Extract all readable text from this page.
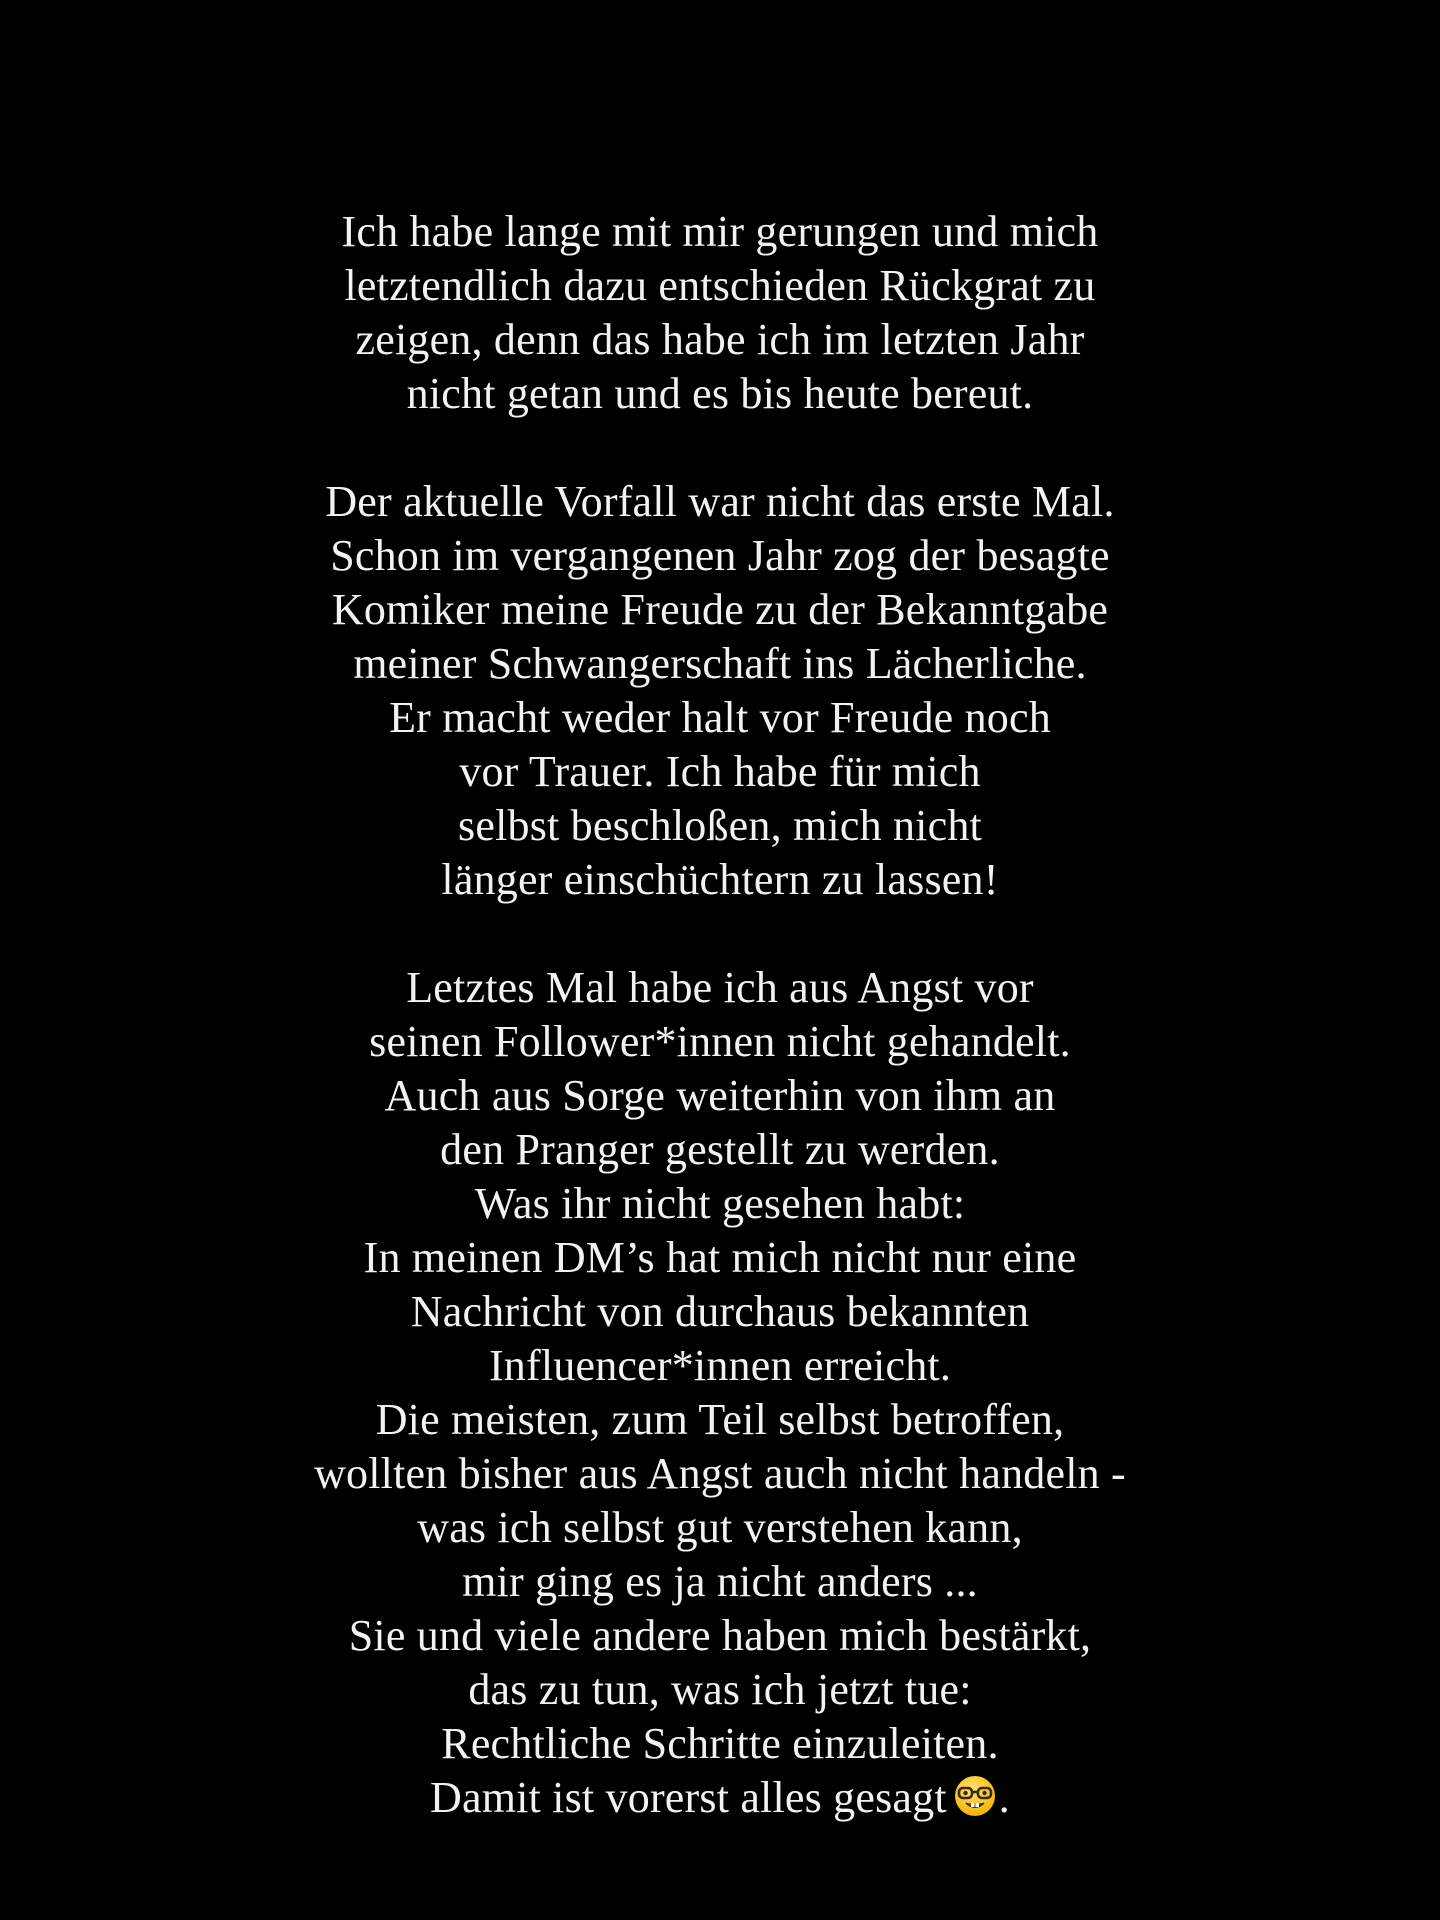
Ich habe lange mit mir gerungen und mich
letztendlich dazu entschieden Rückgrat zu
zeigen, denn das habe ich im letzten Jahr
nicht getan und es bis heute bereut.

Der aktuelle Vorfall war nicht das erste Mal.
Schon im vergangenen Jahr zog der besagte
Komiker meine Freude zu der Bekanntgabe
meiner Schwangerschaft ins Lächerliche.
Er macht weder halt vor Freude noch
vor Trauer. Ich habe für mich
selbst beschloßen, mich nicht
länger einschüchtern zu lassen!

Letztes Mal habe ich aus Angst vor
seinen Follower*innen nicht gehandelt.
Auch aus Sorge weiterhin von ihm an
den Pranger gestellt zu werden.
Was ihr nicht gesehen habt:
In meinen DM’s hat mich nicht nur eine
Nachricht von durchaus bekannten
Influencer*innen erreicht.
Die meisten, zum Teil selbst betroffen,
wollten bisher aus Angst auch nicht handeln -
was ich selbst gut verstehen kann,
mir ging es ja nicht anders ...
Sie und viele andere haben mich bestärkt,
das zu tun, was ich jetzt tue:
Rechtliche Schritte einzuleiten.
Damit ist vorerst alles gesagt .
